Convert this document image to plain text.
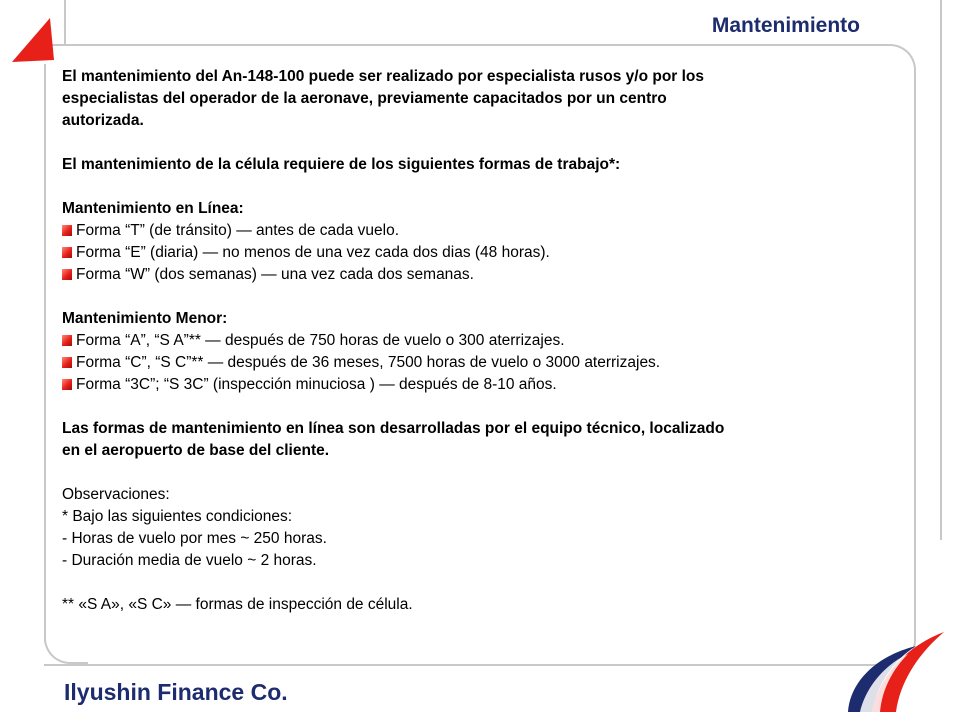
Mantenimiento

El mantenimiento del An-148-100 puede ser realizado por especialista rusos y/o por los

especialistas del operador de la aeronave, previamente capacitados por un centro

autorizada.

El mantenimiento de la célula requiere de los siguientes formas de trabajo*:

Mantenimiento en Línea:

Forma “T” (de tránsito) — antes de cada vuelo.
Forma “E” (diaria) — no menos de una vez cada dos dias (48 horas).
Forma “W” (dos semanas) — una vez cada dos semanas.

Mantenimiento Menor:

Forma “A”, “S A”** — después de 750 horas de vuelo o 300 aterrizajes.
Forma “C”, “S C”** — después de 36 meses, 7500 horas de vuelo o 3000 aterrizajes.
Forma “3C”; “S 3C” (inspección minuciosa ) — después de 8-10 años.

Las formas de mantenimiento en línea son desarrolladas por el equipo técnico, localizado

en el aeropuerto de base del cliente.

Observaciones:

* Bajo las siguientes condiciones:

- Horas de vuelo por mes ~ 250 horas.

- Duración media de vuelo ~ 2 horas.

** «S A», «S C» — formas de inspección de célula.

Ilyushin Finance Co.
